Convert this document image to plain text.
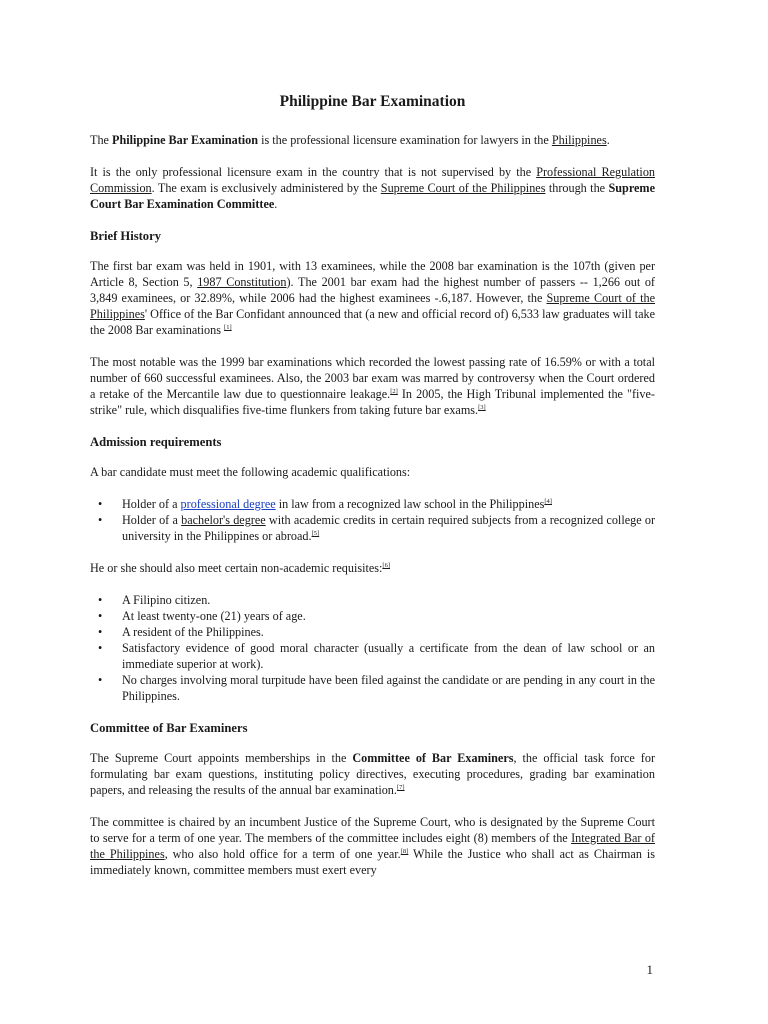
Philippine Bar Examination

The Philippine Bar Examination is the professional licensure examination for lawyers in the Philippines.

It is the only professional licensure exam in the country that is not supervised by the Professional Regulation Commission. The exam is exclusively administered by the Supreme Court of the Philippines through the Supreme Court Bar Examination Committee.

Brief History

The first bar exam was held in 1901, with 13 examinees, while the 2008 bar examination is the 107th (given per Article 8, Section 5, 1987 Constitution). The 2001 bar exam had the highest number of passers -- 1,266 out of 3,849 examinees, or 32.89%, while 2006 had the highest examinees -.6,187. However, the Supreme Court of the Philippines' Office of the Bar Confidant announced that (a new and official record of) 6,533 law graduates will take the 2008 Bar examinations [1]

The most notable was the 1999 bar examinations which recorded the lowest passing rate of 16.59% or with a total number of 660 successful examinees. Also, the 2003 bar exam was marred by controversy when the Court ordered a retake of the Mercantile law due to questionnaire leakage.[2] In 2005, the High Tribunal implemented the "five-strike" rule, which disqualifies five-time flunkers from taking future bar exams.[3]

Admission requirements

A bar candidate must meet the following academic qualifications:

• Holder of a professional degree in law from a recognized law school in the Philippines[4]
• Holder of a bachelor's degree with academic credits in certain required subjects from a recognized college or university in the Philippines or abroad.[5]

He or she should also meet certain non-academic requisites:[6]

• A Filipino citizen.
• At least twenty-one (21) years of age.
• A resident of the Philippines.
• Satisfactory evidence of good moral character (usually a certificate from the dean of law school or an immediate superior at work).
• No charges involving moral turpitude have been filed against the candidate or are pending in any court in the Philippines.
Committee of Bar Examiners

The Supreme Court appoints memberships in the Committee of Bar Examiners, the official task force for formulating bar exam questions, instituting policy directives, executing procedures, grading bar examination papers, and releasing the results of the annual bar examination.[7]

The committee is chaired by an incumbent Justice of the Supreme Court, who is designated by the Supreme Court to serve for a term of one year. The members of the committee includes eight (8) members of the Integrated Bar of the Philippines, who also hold office for a term of one year.[8] While the Justice who shall act as Chairman is immediately known, committee members must exert every

1
